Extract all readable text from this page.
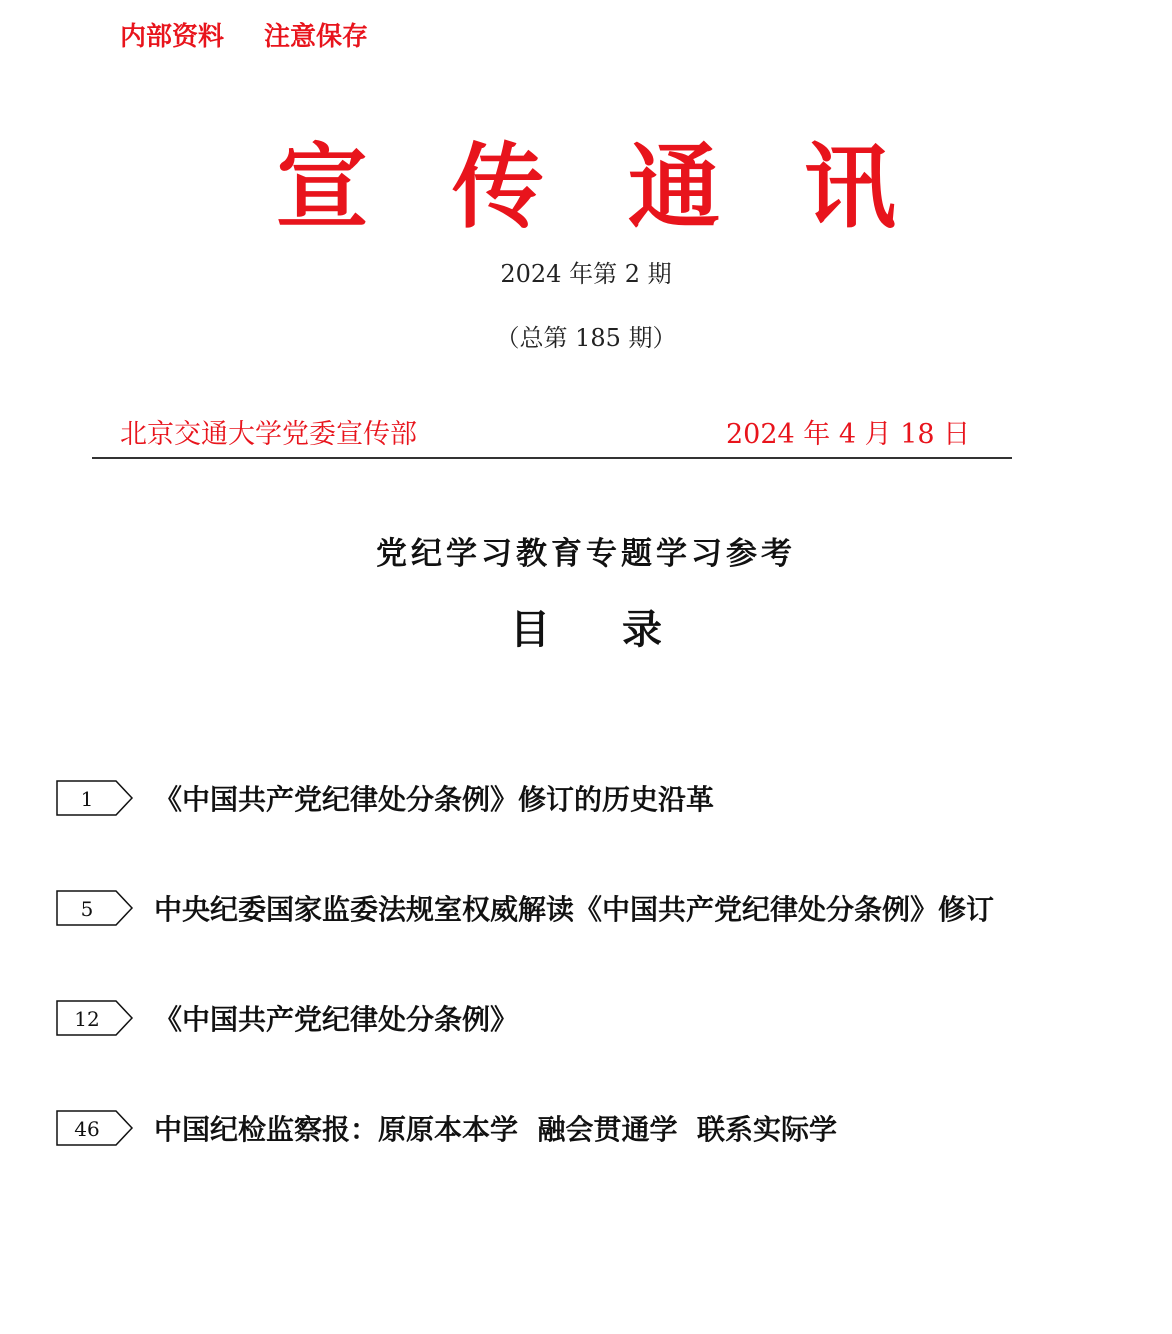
内部资料 注意保存
宣 传 通 讯
2024 年第 2 期
（总第 185 期）
北京交通大学党委宣传部	2024 年 4 月 18 日
党纪学习教育专题学习参考
目 录
1	《中国共产党纪律处分条例》修订的历史沿革
5	中央纪委国家监委法规室权威解读《中国共产党纪律处分条例》修订
12	《中国共产党纪律处分条例》
46	中国纪检监察报：原原本本学  融会贯通学  联系实际学
